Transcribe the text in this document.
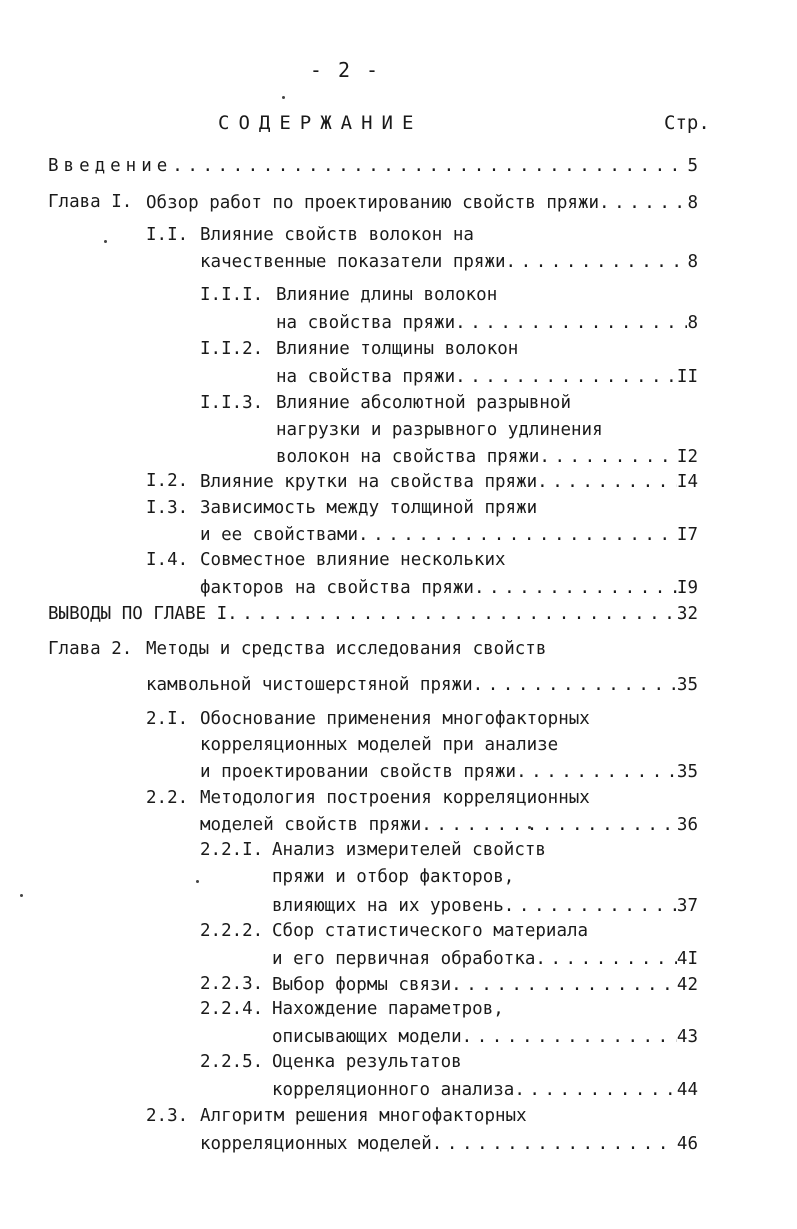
- 2 -
СОДЕРЖАНИЕ	Стр.
Введение . . .	5
Глава I. Обзор работ по проектированию свойств пряжи . . .	8
I.I. Влияние свойств волокон на
качественные показатели пряжи . . .	8
I.I.I. Влияние длины волокон
на свойства пряжи . . .	8
I.I.2. Влияние толщины волокон
на свойства пряжи . . .	II
I.I.3. Влияние абсолютной разрывной
нагрузки и разрывного удлинения
волокон на свойства пряжи . . .	I2
I.2. Влияние крутки на свойства пряжи . . .	I4
I.3. Зависимость между толщиной пряжи
и ее свойствами . . .	I7
I.4. Совместное влияние нескольких
факторов на свойства пряжи . . .	I9
ВЫВОДЫ ПО ГЛАВЕ I . . .	32
Глава 2. Методы и средства исследования свойств
камвольной чистошерстяной пряжи . . .	35
2.I. Обоснование применения многофакторных
корреляционных моделей при анализе
и проектировании свойств пряжи . . .	35
2.2. Методология построения корреляционных
моделей свойств пряжи . . .	36
2.2.I. Анализ измерителей свойств
пряжи и отбор факторов,
влияющих на их уровень . . .	37
2.2.2. Сбор статистического материала
и его первичная обработка . . .	4I
2.2.3. Выбор формы связи . . .	42
2.2.4. Нахождение параметров,
описывающих модели . . .	43
2.2.5. Оценка результатов
корреляционного анализа . . .	44
2.3. Алгоритм решения многофакторных
корреляционных моделей . . .	46
